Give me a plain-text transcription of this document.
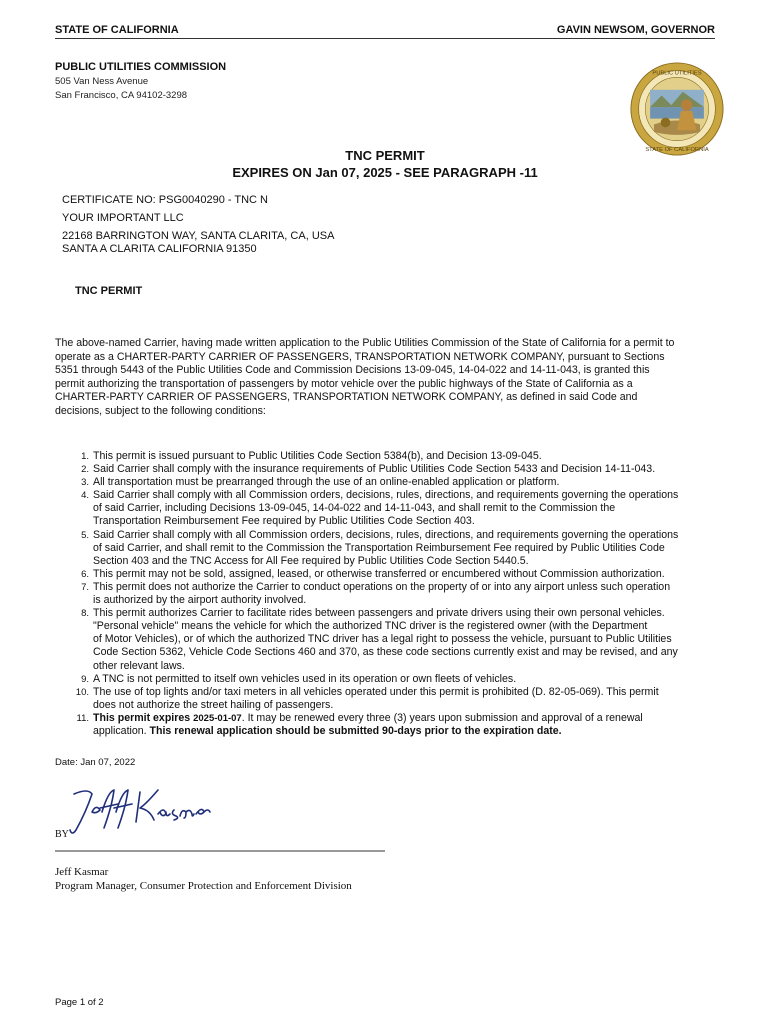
STATE OF CALIFORNIA	GAVIN NEWSOM, GOVERNOR
PUBLIC UTILITIES COMMISSION
505 Van Ness Avenue
San Francisco, CA 94102-3298
PUBLIC UTILITIES
STATE OF CALIFORNIA
TNC PERMIT
EXPIRES ON Jan 07, 2025 - SEE PARAGRAPH -11
CERTIFICATE NO: PSG0040290 - TNC N
YOUR IMPORTANT LLC
22168 BARRINGTON WAY, SANTA CLARITA, CA, USA
SANTA A CLARITA CALIFORNIA 91350
TNC PERMIT
The above-named Carrier, having made written application to the Public Utilities Commission of the State of California for a permit to
operate as a CHARTER-PARTY CARRIER OF PASSENGERS, TRANSPORTATION NETWORK COMPANY, pursuant to Sections
5351 through 5443 of the Public Utilities Code and Commission Decisions 13-09-045, 14-04-022 and 14-11-043, is granted this
permit authorizing the transportation of passengers by motor vehicle over the public highways of the State of California as a
CHARTER-PARTY CARRIER OF PASSENGERS, TRANSPORTATION NETWORK COMPANY, as defined in said Code and
decisions, subject to the following conditions:
1. This permit is issued pursuant to Public Utilities Code Section 5384(b), and Decision 13-09-045.
2. Said Carrier shall comply with the insurance requirements of Public Utilities Code Section 5433 and Decision 14-11-043.
3. All transportation must be prearranged through the use of an online-enabled application or platform.
4. Said Carrier shall comply with all Commission orders, decisions, rules, directions, and requirements governing the operations
of said Carrier, including Decisions 13-09-045, 14-04-022 and 14-11-043, and shall remit to the Commission the
Transportation Reimbursement Fee required by Public Utilities Code Section 403.
5. Said Carrier shall comply with all Commission orders, decisions, rules, directions, and requirements governing the operations
of said Carrier, and shall remit to the Commission the Transportation Reimbursement Fee required by Public Utilities Code
Section 403 and the TNC Access for All Fee required by Public Utilities Code Section 5440.5.
6. This permit may not be sold, assigned, leased, or otherwise transferred or encumbered without Commission authorization.
7. This permit does not authorize the Carrier to conduct operations on the property of or into any airport unless such operation
is authorized by the airport authority involved.
8. This permit authorizes Carrier to facilitate rides between passengers and private drivers using their own personal vehicles.
"Personal vehicle" means the vehicle for which the authorized TNC driver is the registered owner (with the Department
of Motor Vehicles), or of which the authorized TNC driver has a legal right to possess the vehicle, pursuant to Public Utilities
Code Section 5362, Vehicle Code Sections 460 and 370, as these code sections currently exist and may be revised, and any
other relevant laws.
9. A TNC is not permitted to itself own vehicles used in its operation or own fleets of vehicles.
10. The use of top lights and/or taxi meters in all vehicles operated under this permit is prohibited (D. 82-05-069). This permit
does not authorize the street hailing of passengers.
11. This permit expires 2025-01-07. It may be renewed every three (3) years upon submission and approval of a renewal
application. This renewal application should be submitted 90-days prior to the expiration date.
Date: Jan 07, 2022
BY
Jeff Kasmar
Program Manager, Consumer Protection and Enforcement Division
Page 1 of 2
